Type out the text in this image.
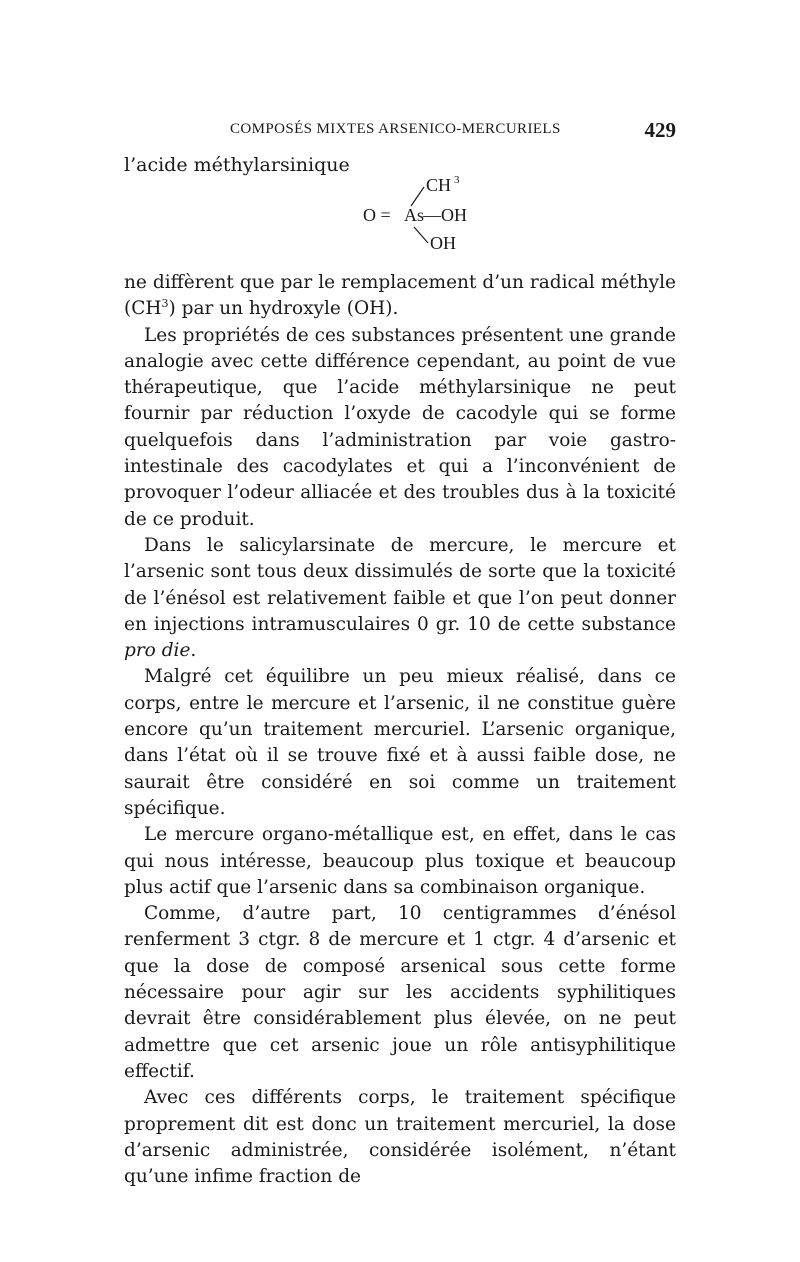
COMPOSÉS MIXTES ARSENICO-MERCURIELS	429

l’acide méthylarsinique

O = As
—OH
CH 3
OH

ne diffèrent que par le remplacement d’un radical méthyle $(CH^3)$ par un hydroxyle (OH).

Les propriétés de ces substances présentent une grande analogie avec cette différence cependant, au point de vue thérapeutique, que l’acide méthylarsinique ne peut fournir par réduction l’oxyde de cacodyle qui se forme quelquefois dans l’administration par voie gastro-intestinale des cacodylates et qui a l’inconvénient de provoquer l’odeur alliacée et des troubles dus à la toxicité de ce produit.

Dans le salicylarsinate de mercure, le mercure et l’arsenic sont tous deux dissimulés de sorte que la toxicité de l’énésol est relativement faible et que l’on peut donner en injections intramusculaires 0 gr. 10 de cette substance pro die.

Malgré cet équilibre un peu mieux réalisé, dans ce corps, entre le mercure et l’arsenic, il ne constitue guère encore qu’un traitement mercuriel. L’arsenic organique, dans l’état où il se trouve fixé et à aussi faible dose, ne saurait être considéré en soi comme un traitement spécifique.

Le mercure organo-métallique est, en effet, dans le cas qui nous intéresse, beaucoup plus toxique et beaucoup plus actif que l’arsenic dans sa combinaison organique.

Comme, d’autre part, 10 centigrammes d’énésol renferment 3 ctgr. 8 de mercure et 1 ctgr. 4 d’arsenic et que la dose de composé arsenical sous cette forme nécessaire pour agir sur les accidents syphilitiques devrait être considérablement plus élevée, on ne peut admettre que cet arsenic joue un rôle antisyphilitique effectif.

Avec ces différents corps, le traitement spécifique proprement dit est donc un traitement mercuriel, la dose d’arsenic administrée, considérée isolément, n’étant qu’une infime fraction de
